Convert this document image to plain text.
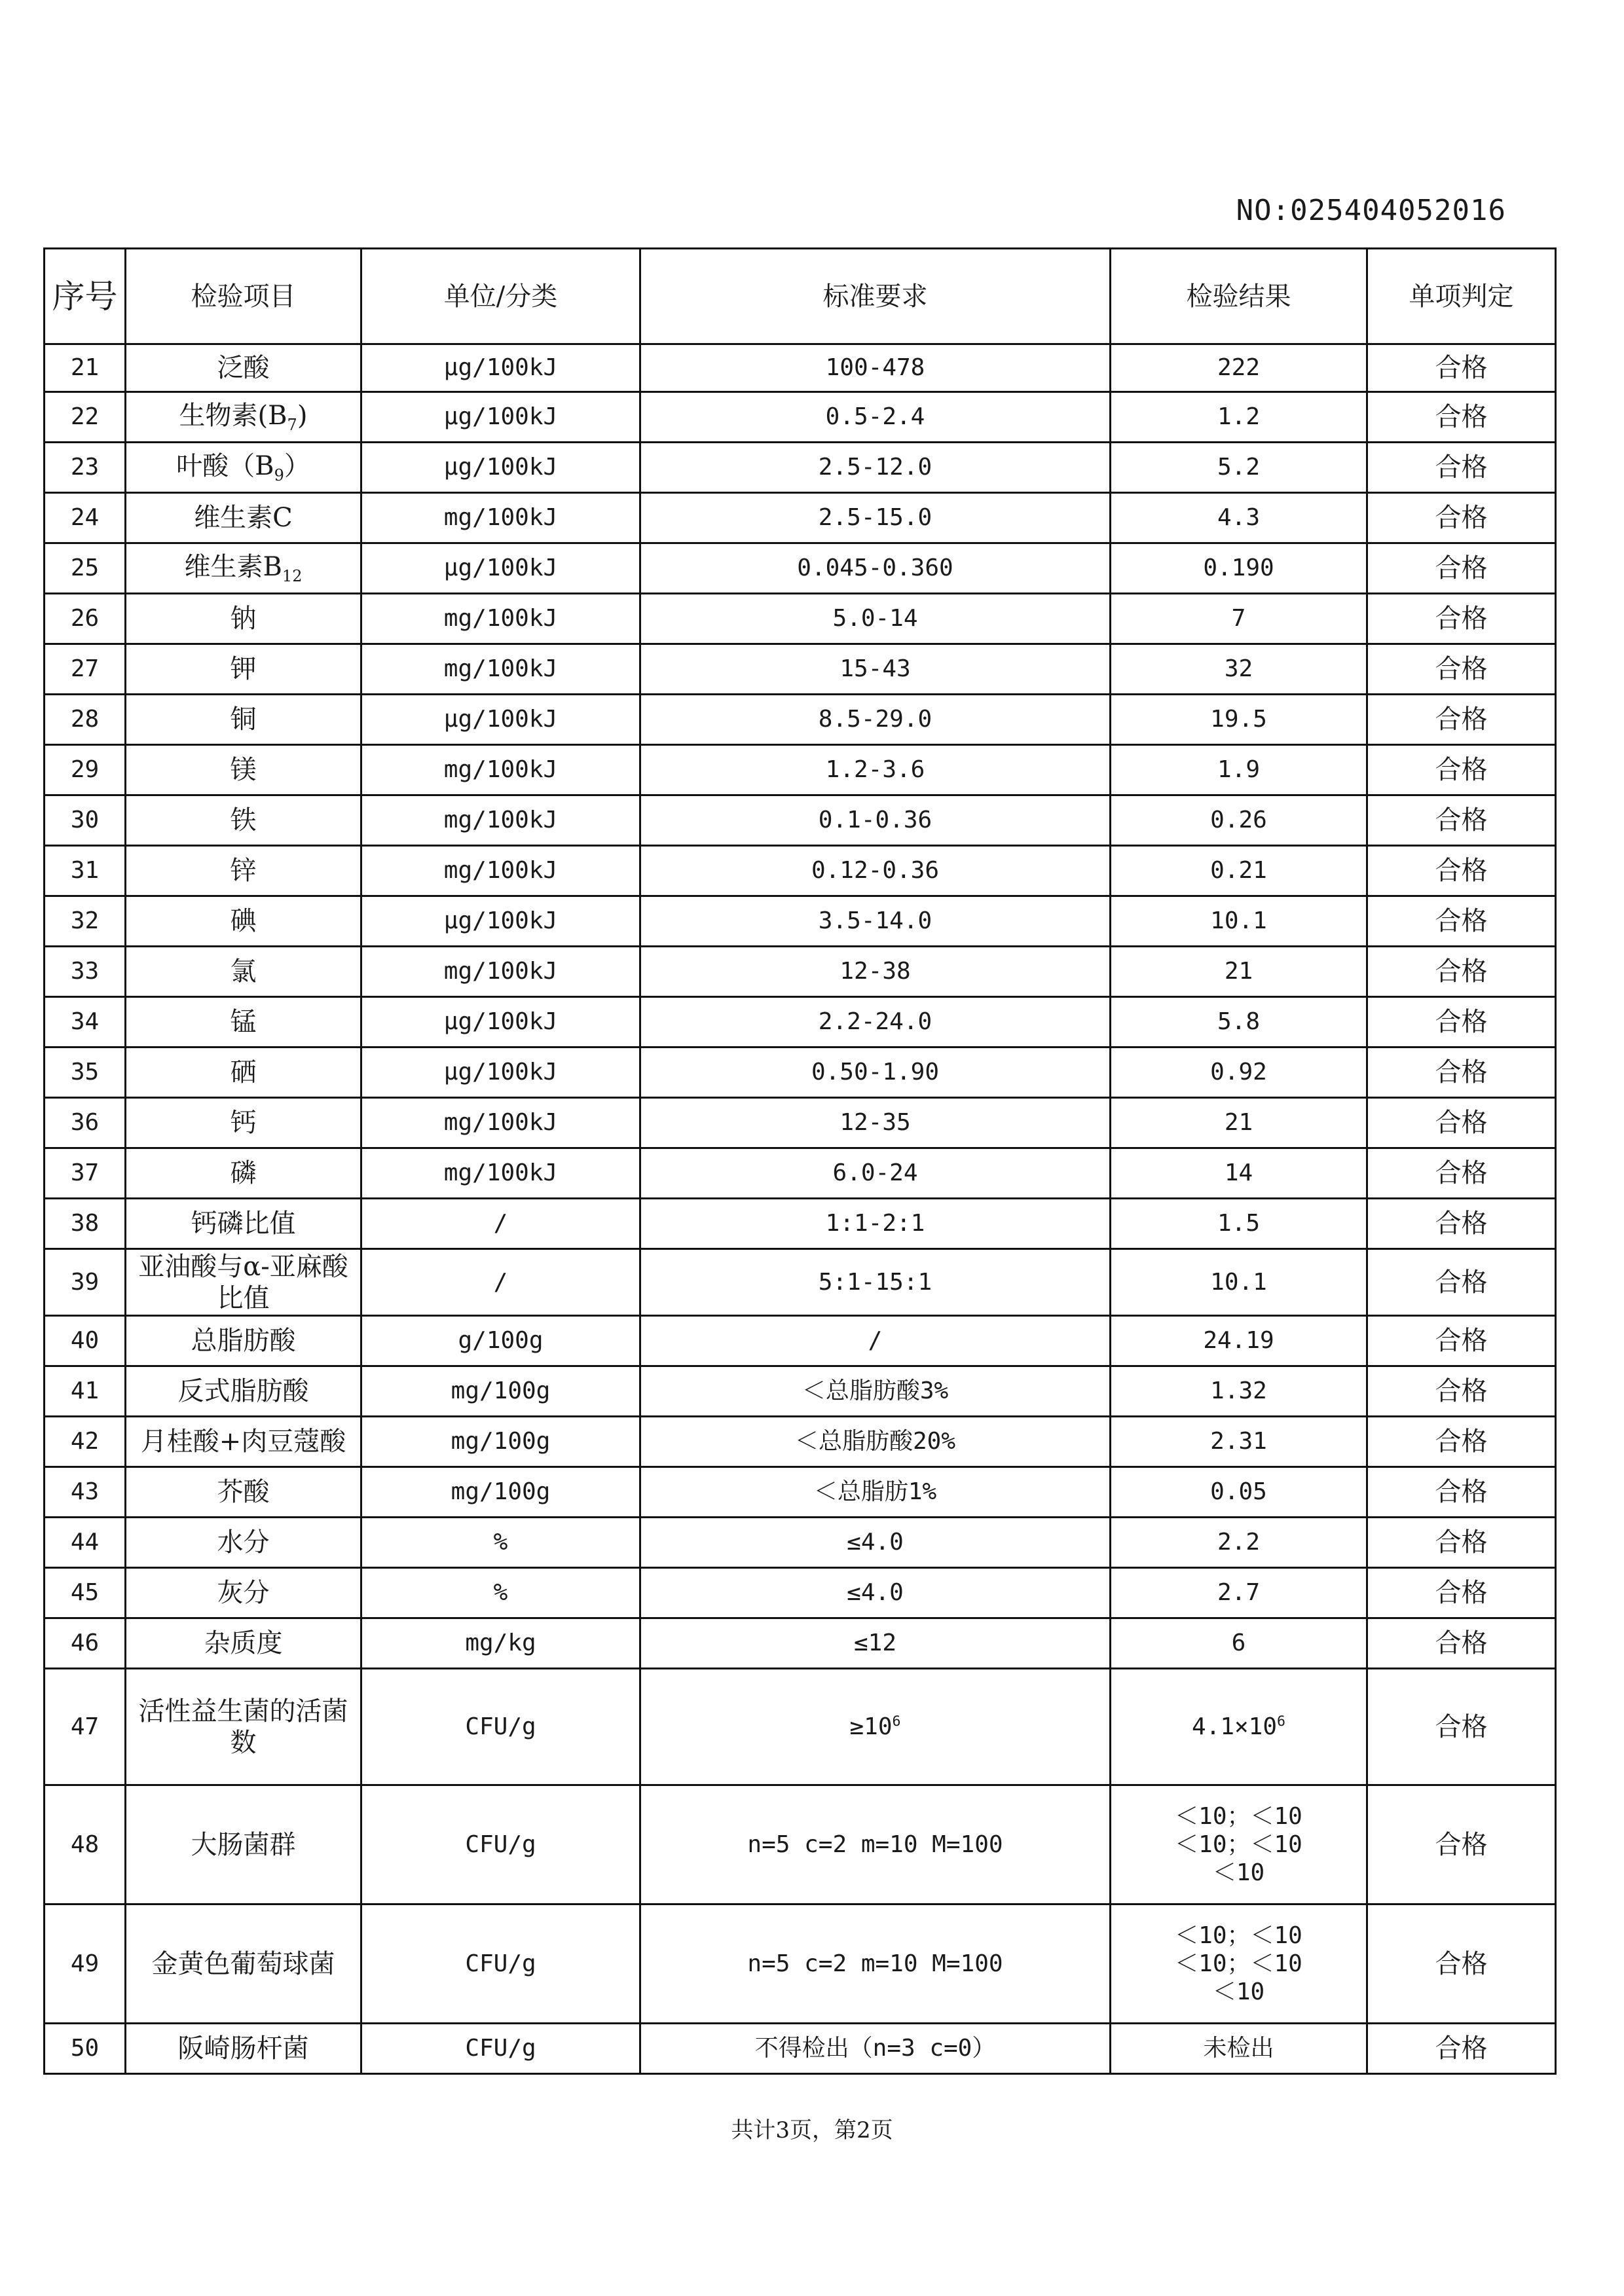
NO:025404052016
序号	检验项目	单位/分类	标准要求	检验结果	单项判定
21	泛酸	μg/100kJ	100-478	222	合格
22	生物素$(B_7)$	μg/100kJ	0.5-2.4	1.2	合格
23	叶酸$(B_9)$	μg/100kJ	2.5-12.0	5.2	合格
24	维生素C	mg/100kJ	2.5-15.0	4.3	合格
25	维生素$B_{12}$	μg/100kJ	0.045-0.360	0.190	合格
26	钠	mg/100kJ	5.0-14	7	合格
27	钾	mg/100kJ	15-43	32	合格
28	铜	μg/100kJ	8.5-29.0	19.5	合格
29	镁	mg/100kJ	1.2-3.6	1.9	合格
30	铁	mg/100kJ	0.1-0.36	0.26	合格
31	锌	mg/100kJ	0.12-0.36	0.21	合格
32	碘	μg/100kJ	3.5-14.0	10.1	合格
33	氯	mg/100kJ	12-38	21	合格
34	锰	μg/100kJ	2.2-24.0	5.8	合格
35	硒	μg/100kJ	0.50-1.90	0.92	合格
36	钙	mg/100kJ	12-35	21	合格
37	磷	mg/100kJ	6.0-24	14	合格
38	钙磷比值	/	1:1-2:1	1.5	合格
39	亚油酸与α-亚麻酸比值	/	5:1-15:1	10.1	合格
40	总脂肪酸	g/100g	/	24.19	合格
41	反式脂肪酸	mg/100g	＜总脂肪酸3%	1.32	合格
42	月桂酸+肉豆蔻酸	mg/100g	＜总脂肪酸20%	2.31	合格
43	芥酸	mg/100g	＜总脂肪1%	0.05	合格
44	水分	%	≤4.0	2.2	合格
45	灰分	%	≤4.0	2.7	合格
46	杂质度	mg/kg	≤12	6	合格
47	活性益生菌的活菌数	CFU/g	$\ge 10^6$	$4.1\times 10^6$	合格
48	大肠菌群	CFU/g	n=5 c=2 m=10 M=100	＜10；＜10
＜10；＜10
＜10	合格
49	金黄色葡萄球菌	CFU/g	n=5 c=2 m=10 M=100	＜10；＜10
＜10；＜10
＜10	合格
50	阪崎肠杆菌	CFU/g	不得检出（n=3 c=0）	未检出	合格
共计3页，第2页
